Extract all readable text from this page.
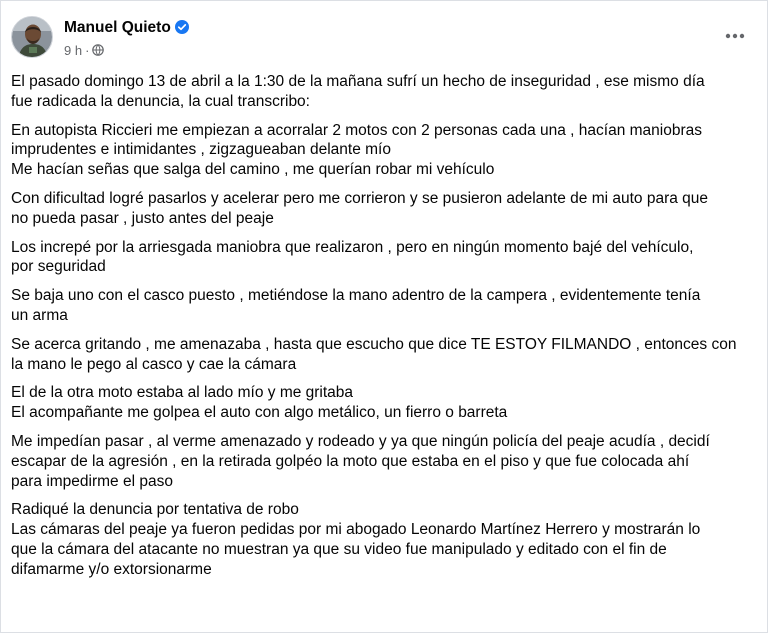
Manuel Quieto
9 h ·

El pasado domingo 13 de abril a la 1:30 de la mañana sufrí un hecho de inseguridad , ese mismo día
fue radicada la denuncia, la cual transcribo:

En autopista Riccieri me empiezan a acorralar 2 motos con 2 personas cada una , hacían maniobras
imprudentes e intimidantes , zigzagueaban delante mío
Me hacían señas que salga del camino , me querían robar mi vehículo

Con dificultad logré pasarlos y acelerar pero me corrieron y se pusieron adelante de mi auto para que
no pueda pasar , justo antes del peaje

Los increpé por la arriesgada maniobra que realizaron , pero en ningún momento bajé del vehículo,
por seguridad

Se baja uno con el casco puesto , metiéndose la mano adentro de la campera , evidentemente tenía
un arma

Se acerca gritando , me amenazaba , hasta que escucho que dice TE ESTOY FILMANDO , entonces con
la mano le pego al casco y cae la cámara

El de la otra moto estaba al lado mío y me gritaba
El acompañante me golpea el auto con algo metálico, un fierro o barreta

Me impedían pasar , al verme amenazado y rodeado y ya que ningún policía del peaje acudía , decidí
escapar de la agresión , en la retirada golpéo la moto que estaba en el piso y que fue colocada ahí
para impedirme el paso

Radiqué la denuncia por tentativa de robo
Las cámaras del peaje ya fueron pedidas por mi abogado Leonardo Martínez Herrero y mostrarán lo
que la cámara del atacante no muestran ya que su video fue manipulado y editado con el fin de
difamarme y/o extorsionarme
